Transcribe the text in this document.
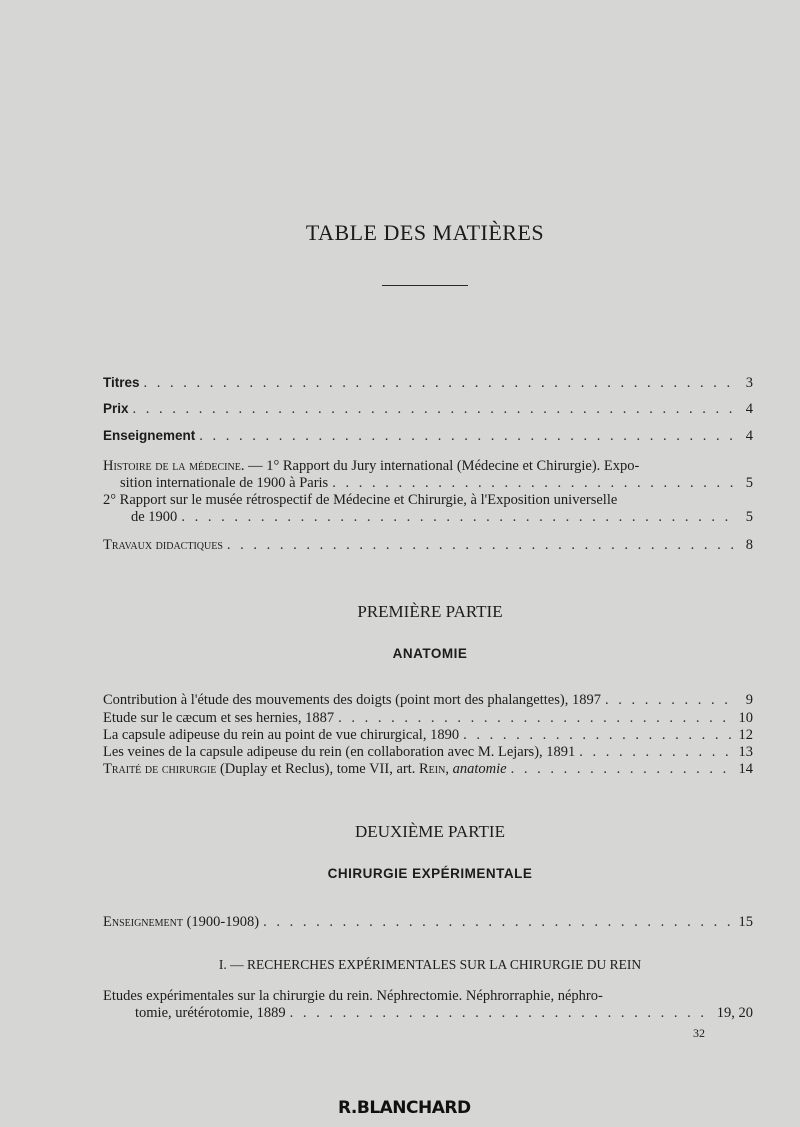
TABLE DES MATIÈRES
Titres . . .	3
Prix . . .	4
Enseignement . . .	4
Histoire de la médecine. — 1° Rapport du Jury international (Médecine et Chirurgie). Expo-
sition internationale de 1900 à Paris . . .	5
2° Rapport sur le musée rétrospectif de Médecine et Chirurgie, à l'Exposition universelle
de 1900 . . .	5
Travaux didactiques . . .	8
PREMIÈRE PARTIE
ANATOMIE
Contribution à l'étude des mouvements des doigts (point mort des phalangettes), 1897 . . .	9
Etude sur le cæcum et ses hernies, 1887 . . .	10
La capsule adipeuse du rein au point de vue chirurgical, 1890 . . .	12
Les veines de la capsule adipeuse du rein (en collaboration avec M. Lejars), 1891 . . .	13
Traité de chirurgie (Duplay et Reclus), tome VII, art. Rein, anatomie . . .	14
DEUXIÈME PARTIE
CHIRURGIE EXPÉRIMENTALE
Enseignement (1900-1908) . . .	15
I. — RECHERCHES EXPÉRIMENTALES SUR LA CHIRURGIE DU REIN
Etudes expérimentales sur la chirurgie du rein. Néphrectomie. Néphrorraphie, néphro-
tomie, urétérotomie, 1889 . . .	19, 20
32
R.BLANCHARD
